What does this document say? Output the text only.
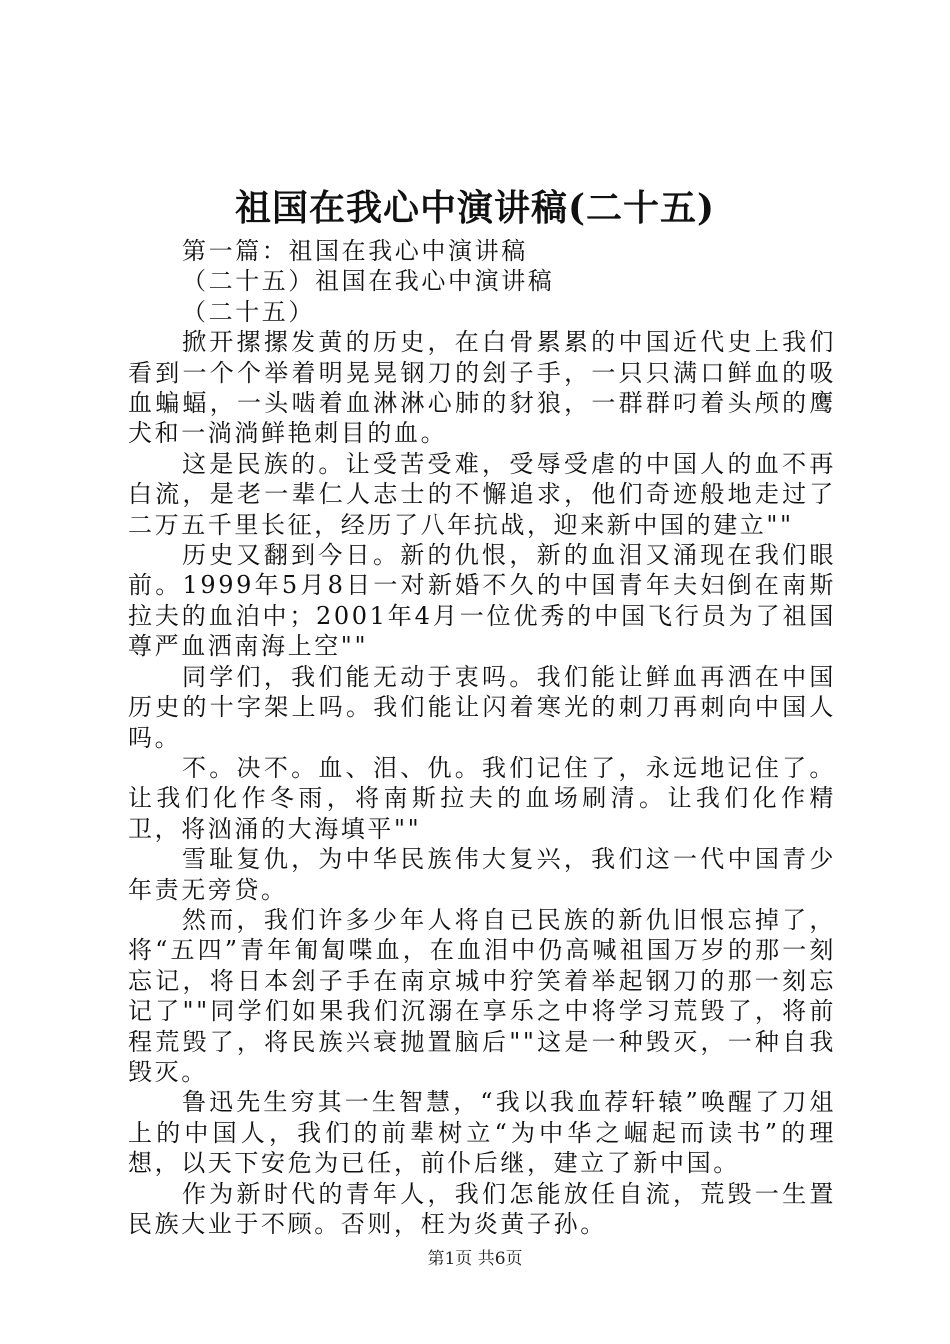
祖国在我心中演讲稿(二十五)

第一篇：祖国在我心中演讲稿

（二十五）祖国在我心中演讲稿

（二十五）

掀开摞摞发黄的历史，在白骨累累的中国近代史上我们看到一个个举着明晃晃钢刀的刽子手，一只只满口鲜血的吸血蝙蝠，一头啮着血淋淋心肺的豺狼，一群群叼着头颅的鹰犬和一淌淌鲜艳刺目的血。

这是民族的。让受苦受难，受辱受虐的中国人的血不再白流，是老一辈仁人志士的不懈追求，他们奇迹般地走过了二万五千里长征，经历了八年抗战，迎来新中国的建立""

历史又翻到今日。新的仇恨，新的血泪又涌现在我们眼前。1999年5月8日一对新婚不久的中国青年夫妇倒在南斯拉夫的血泊中；2001年4月一位优秀的中国飞行员为了祖国尊严血洒南海上空""

同学们，我们能无动于衷吗。我们能让鲜血再洒在中国历史的十字架上吗。我们能让闪着寒光的刺刀再刺向中国人吗。

不。决不。血、泪、仇。我们记住了，永远地记住了。让我们化作冬雨，将南斯拉夫的血场刷清。让我们化作精卫，将汹涌的大海填平""

雪耻复仇，为中华民族伟大复兴，我们这一代中国青少年责无旁贷。

然而，我们许多少年人将自已民族的新仇旧恨忘掉了，将“五四”青年匍匐喋血，在血泪中仍高喊祖国万岁的那一刻忘记，将日本刽子手在南京城中狞笑着举起钢刀的那一刻忘记了""同学们如果我们沉溺在享乐之中将学习荒毁了，将前程荒毁了，将民族兴衰抛置脑后""这是一种毁灭，一种自我毁灭。

鲁迅先生穷其一生智慧，“我以我血荐轩辕”唤醒了刀俎上的中国人，我们的前辈树立“为中华之崛起而读书”的理想，以天下安危为已任，前仆后继，建立了新中国。

作为新时代的青年人，我们怎能放任自流，荒毁一生置民族大业于不顾。否则，枉为炎黄子孙。

第1页 共6页
